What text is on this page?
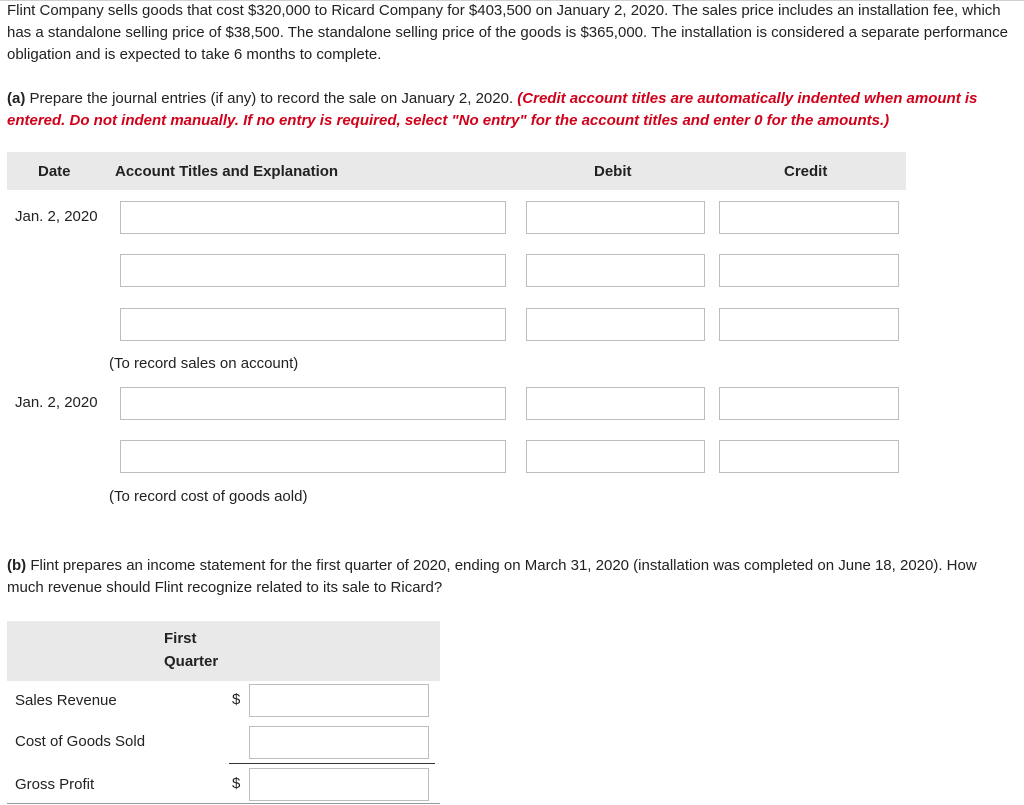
Flint Company sells goods that cost $320,000 to Ricard Company for $403,500 on January 2, 2020. The sales price includes an installation fee, which has a standalone selling price of $38,500. The standalone selling price of the goods is $365,000. The installation is considered a separate performance obligation and is expected to take 6 months to complete.

(a) Prepare the journal entries (if any) to record the sale on January 2, 2020. (Credit account titles are automatically indented when amount is entered. Do not indent manually. If no entry is required, select "No entry" for the account titles and enter 0 for the amounts.)

Date	Account Titles and Explanation	Debit	Credit
Jan. 2, 2020
(To record sales on account)
Jan. 2, 2020
(To record cost of goods aold)

(b) Flint prepares an income statement for the first quarter of 2020, ending on March 31, 2020 (installation was completed on June 18, 2020). How much revenue should Flint recognize related to its sale to Ricard?

First
Quarter
Sales Revenue	$
Cost of Goods Sold
Gross Profit	$
